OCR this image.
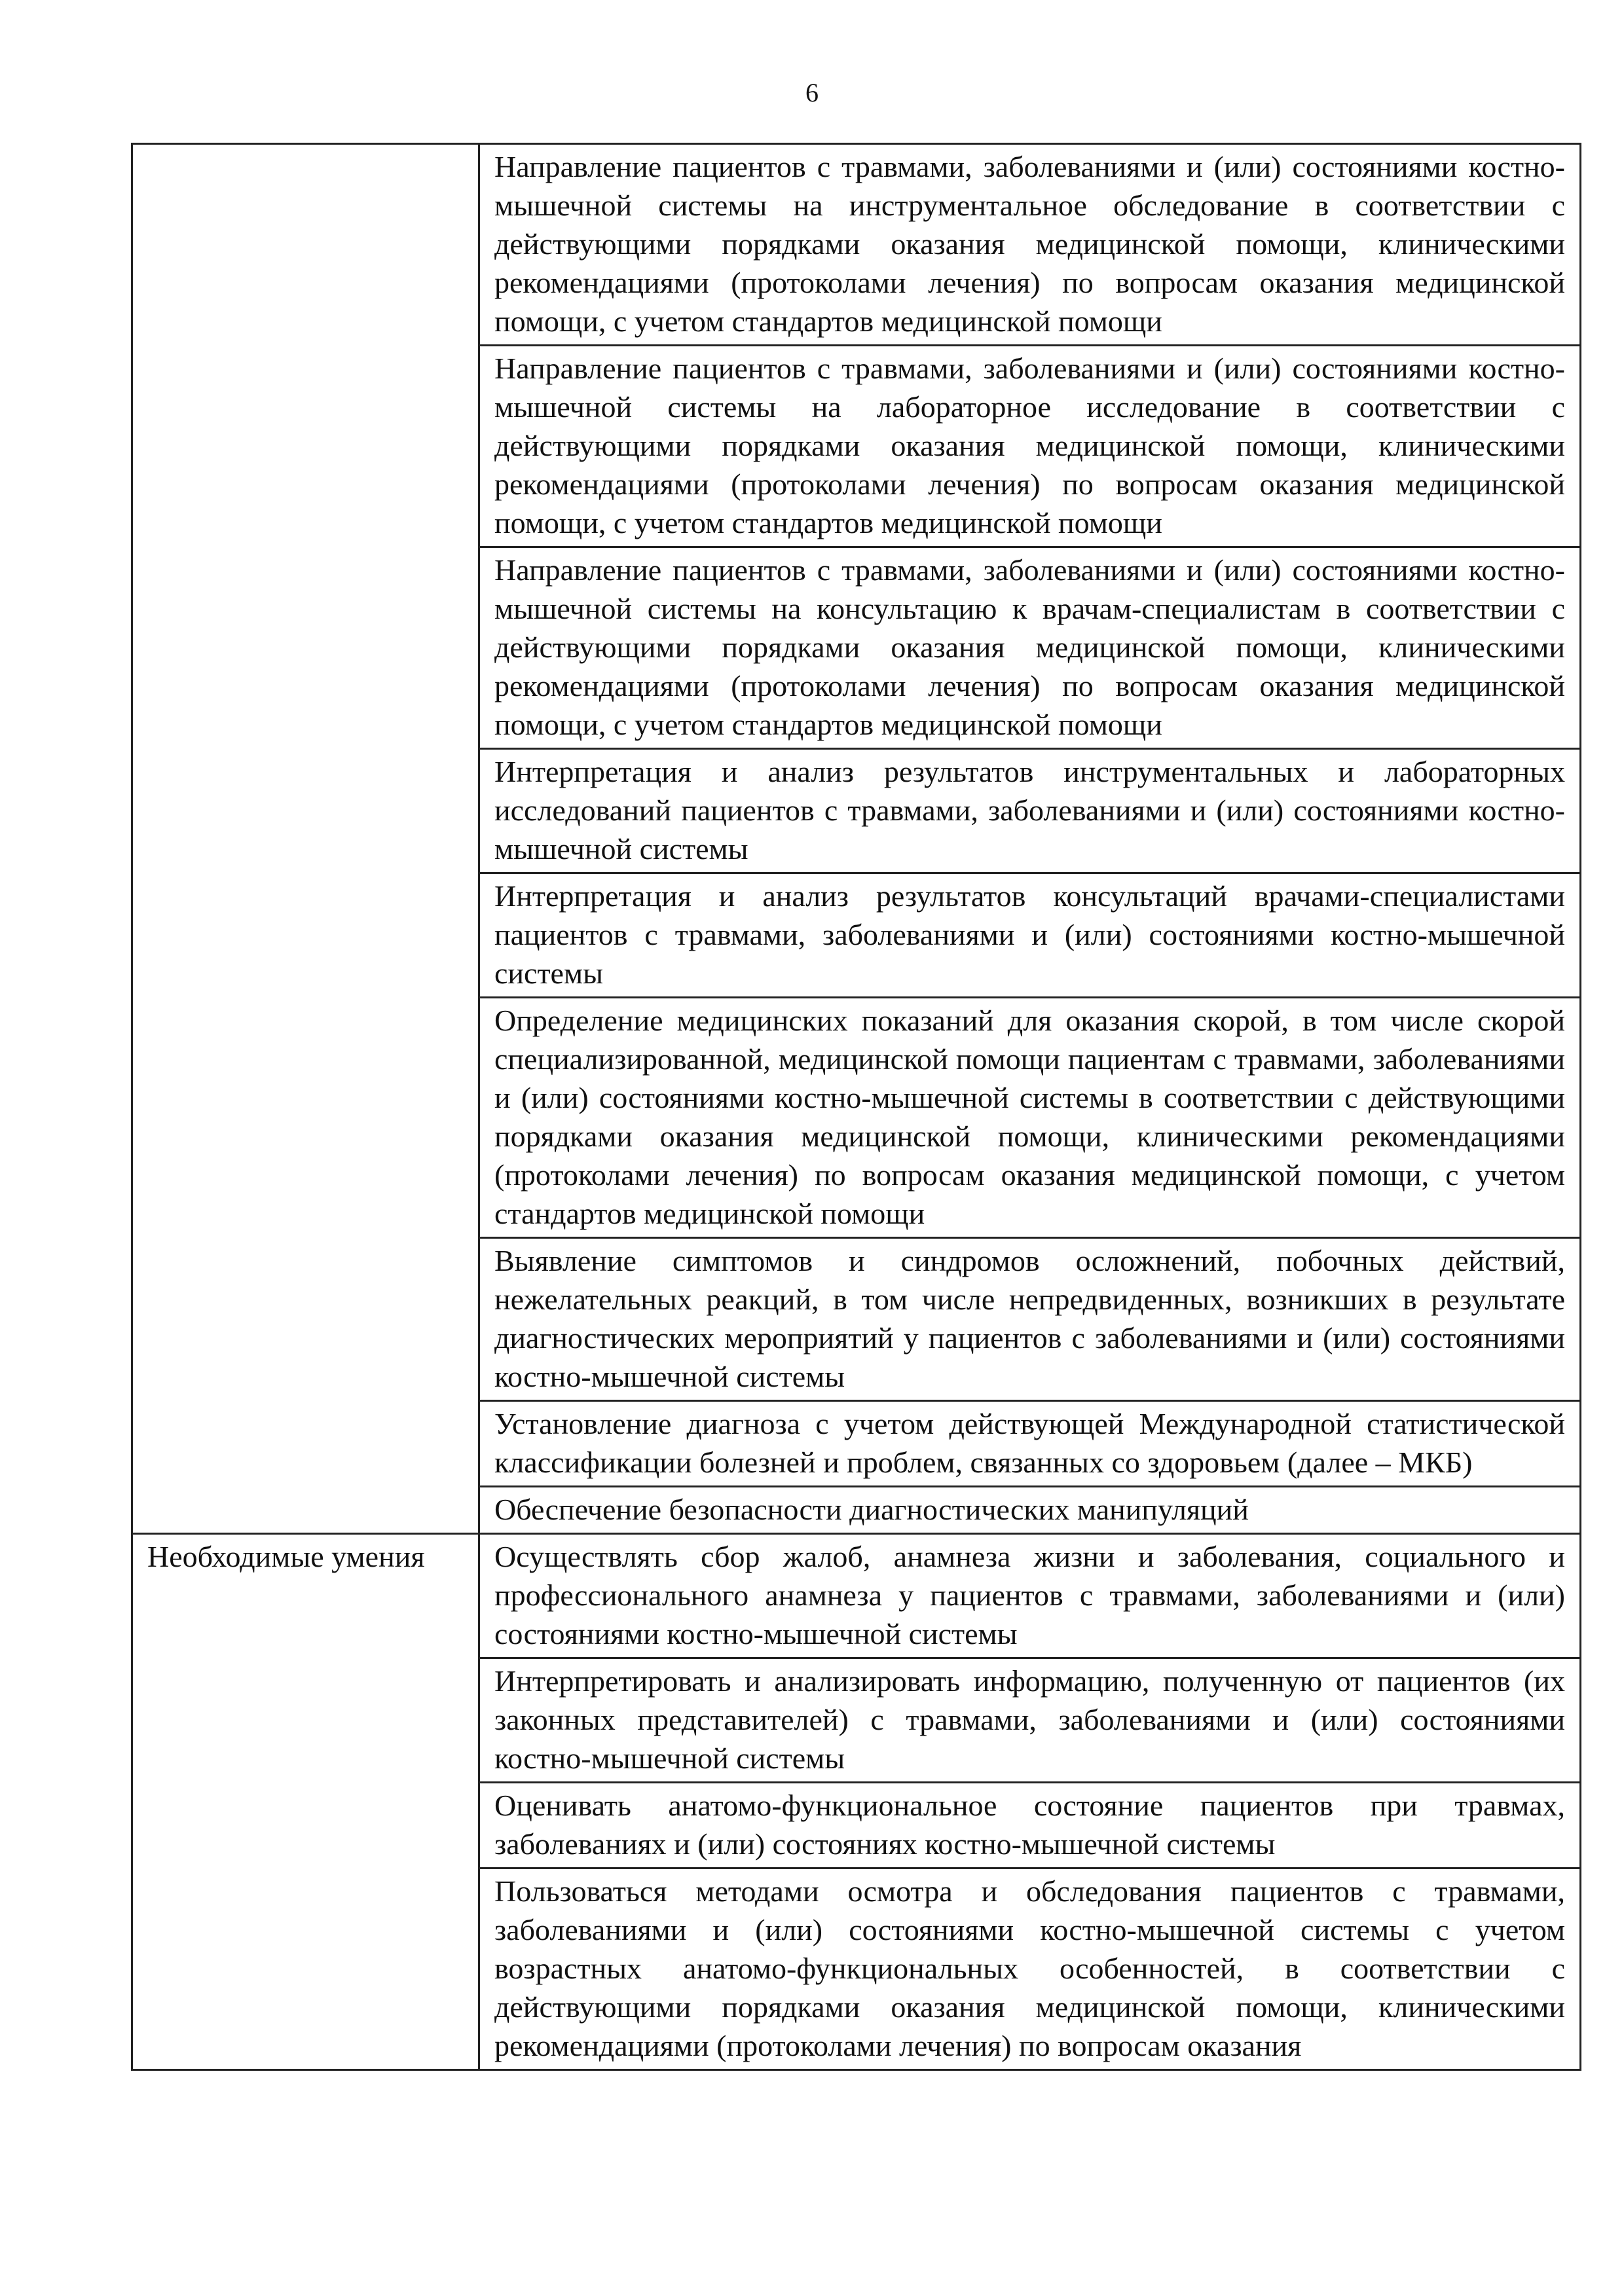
6
	Направление пациентов с травмами, заболеваниями и (или) состояниями костно-мышечной системы на инструментальное обследование в соответствии с действующими порядками оказания медицинской помощи, клиническими рекомендациями (протоколами лечения) по вопросам оказания медицинской помощи, с учетом стандартов медицинской помощи
	Направление пациентов с травмами, заболеваниями и (или) состояниями костно-мышечной системы на лабораторное исследование в соответствии с действующими порядками оказания медицинской помощи, клиническими рекомендациями (протоколами лечения) по вопросам оказания медицинской помощи, с учетом стандартов медицинской помощи
	Направление пациентов с травмами, заболеваниями и (или) состояниями костно-мышечной системы на консультацию к врачам-специалистам в соответствии с действующими порядками оказания медицинской помощи, клиническими рекомендациями (протоколами лечения) по вопросам оказания медицинской помощи, с учетом стандартов медицинской помощи
	Интерпретация и анализ результатов инструментальных и лабораторных исследований пациентов с травмами, заболеваниями и (или) состояниями костно-мышечной системы
	Интерпретация и анализ результатов консультаций врачами-специалистами пациентов с травмами, заболеваниями и (или) состояниями костно-мышечной системы
	Определение медицинских показаний для оказания скорой, в том числе скорой специализированной, медицинской помощи пациентам с травмами, заболеваниями и (или) состояниями костно-мышечной системы в соответствии с действующими порядками оказания медицинской помощи, клиническими рекомендациями (протоколами лечения) по вопросам оказания медицинской помощи, с учетом стандартов медицинской помощи
	Выявление симптомов и синдромов осложнений, побочных действий, нежелательных реакций, в том числе непредвиденных, возникших в результате диагностических мероприятий у пациентов с заболеваниями и (или) состояниями костно-мышечной системы
	Установление диагноза с учетом действующей Международной статистической классификации болезней и проблем, связанных со здоровьем (далее – МКБ)
	Обеспечение безопасности диагностических манипуляций
Необходимые умения	Осуществлять сбор жалоб, анамнеза жизни и заболевания, социального и профессионального анамнеза у пациентов с травмами, заболеваниями и (или) состояниями костно-мышечной системы
	Интерпретировать и анализировать информацию, полученную от пациентов (их законных представителей) с травмами, заболеваниями и (или) состояниями костно-мышечной системы
	Оценивать анатомо-функциональное состояние пациентов при травмах, заболеваниях и (или) состояниях костно-мышечной системы
	Пользоваться методами осмотра и обследования пациентов с травмами, заболеваниями и (или) состояниями костно-мышечной системы с учетом возрастных анатомо-функциональных особенностей, в соответствии с действующими порядками оказания медицинской помощи, клиническими рекомендациями (протоколами лечения) по вопросам оказания
